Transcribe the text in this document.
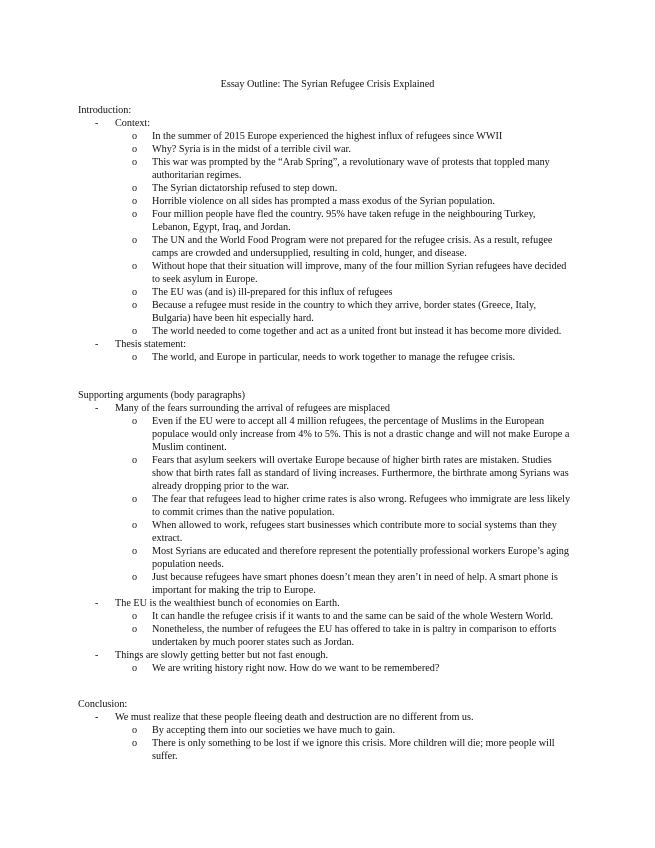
Essay Outline: The Syrian Refugee Crisis Explained

Introduction:

- Context:
o In the summer of 2015 Europe experienced the highest influx of refugees since WWII
o Why? Syria is in the midst of a terrible civil war.
o This war was prompted by the “Arab Spring”, a revolutionary wave of protests that toppled many authoritarian regimes.
o The Syrian dictatorship refused to step down.
o Horrible violence on all sides has prompted a mass exodus of the Syrian population.
o Four million people have fled the country. 95% have taken refuge in the neighbouring Turkey, Lebanon, Egypt, Iraq, and Jordan.
o The UN and the World Food Program were not prepared for the refugee crisis. As a result, refugee camps are crowded and undersupplied, resulting in cold, hunger, and disease.
o Without hope that their situation will improve, many of the four million Syrian refugees have decided to seek asylum in Europe.
o The EU was (and is) ill-prepared for this influx of refugees
o Because a refugee must reside in the country to which they arrive, border states (Greece, Italy, Bulgaria) have been hit especially hard.
o The world needed to come together and act as a united front but instead it has become more divided.
- Thesis statement:
o The world, and Europe in particular, needs to work together to manage the refugee crisis.

Supporting arguments (body paragraphs)

- Many of the fears surrounding the arrival of refugees are misplaced
o Even if the EU were to accept all 4 million refugees, the percentage of Muslims in the European populace would only increase from 4% to 5%. This is not a drastic change and will not make Europe a Muslim continent.
o Fears that asylum seekers will overtake Europe because of higher birth rates are mistaken. Studies show that birth rates fall as standard of living increases. Furthermore, the birthrate among Syrians was already dropping prior to the war.
o The fear that refugees lead to higher crime rates is also wrong. Refugees who immigrate are less likely to commit crimes than the native population.
o When allowed to work, refugees start businesses which contribute more to social systems than they extract.
o Most Syrians are educated and therefore represent the potentially professional workers Europe’s aging population needs.
o Just because refugees have smart phones doesn’t mean they aren’t in need of help. A smart phone is important for making the trip to Europe.
- The EU is the wealthiest bunch of economies on Earth.
o It can handle the refugee crisis if it wants to and the same can be said of the whole Western World.
o Nonetheless, the number of refugees the EU has offered to take in is paltry in comparison to efforts undertaken by much poorer states such as Jordan.
- Things are slowly getting better but not fast enough.
o We are writing history right now. How do we want to be remembered?

Conclusion:

- We must realize that these people fleeing death and destruction are no different from us.
o By accepting them into our societies we have much to gain.
o There is only something to be lost if we ignore this crisis. More children will die; more people will suffer.
